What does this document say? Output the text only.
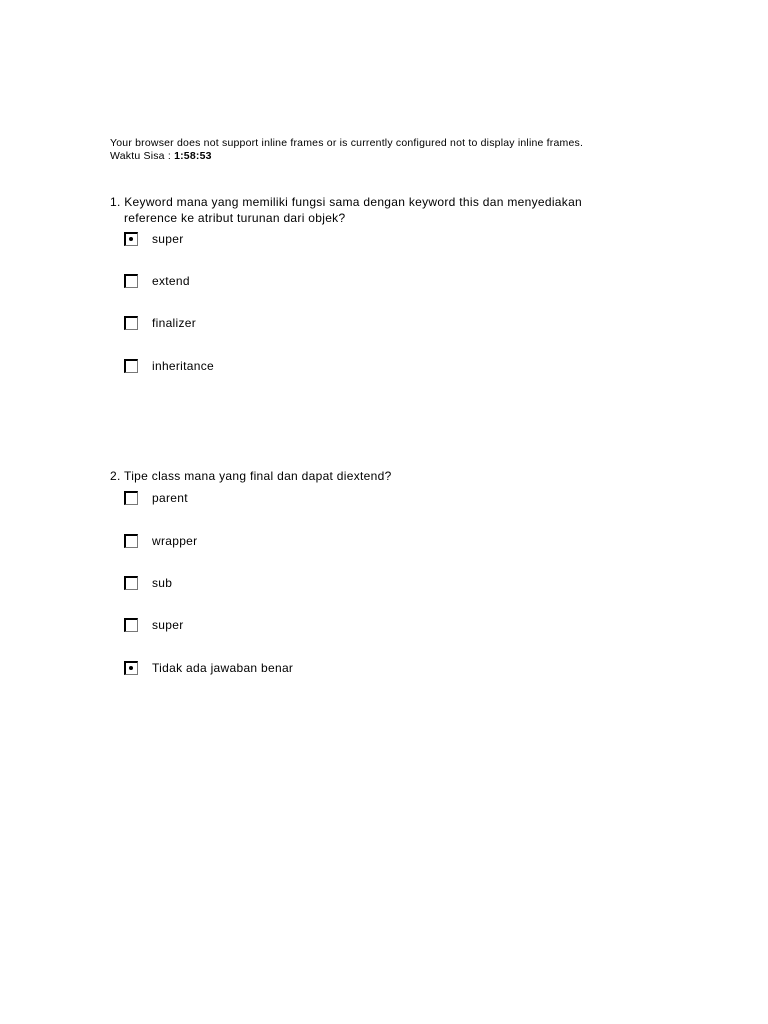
Your browser does not support inline frames or is currently configured not to display inline frames.
Waktu Sisa : 1:58:53
1. Keyword mana yang memiliki fungsi sama dengan keyword this dan menyediakan reference ke atribut turunan dari objek?
super
extend
finalizer
inheritance
2. Tipe class mana yang final dan dapat diextend?
parent
wrapper
sub
super
Tidak ada jawaban benar
